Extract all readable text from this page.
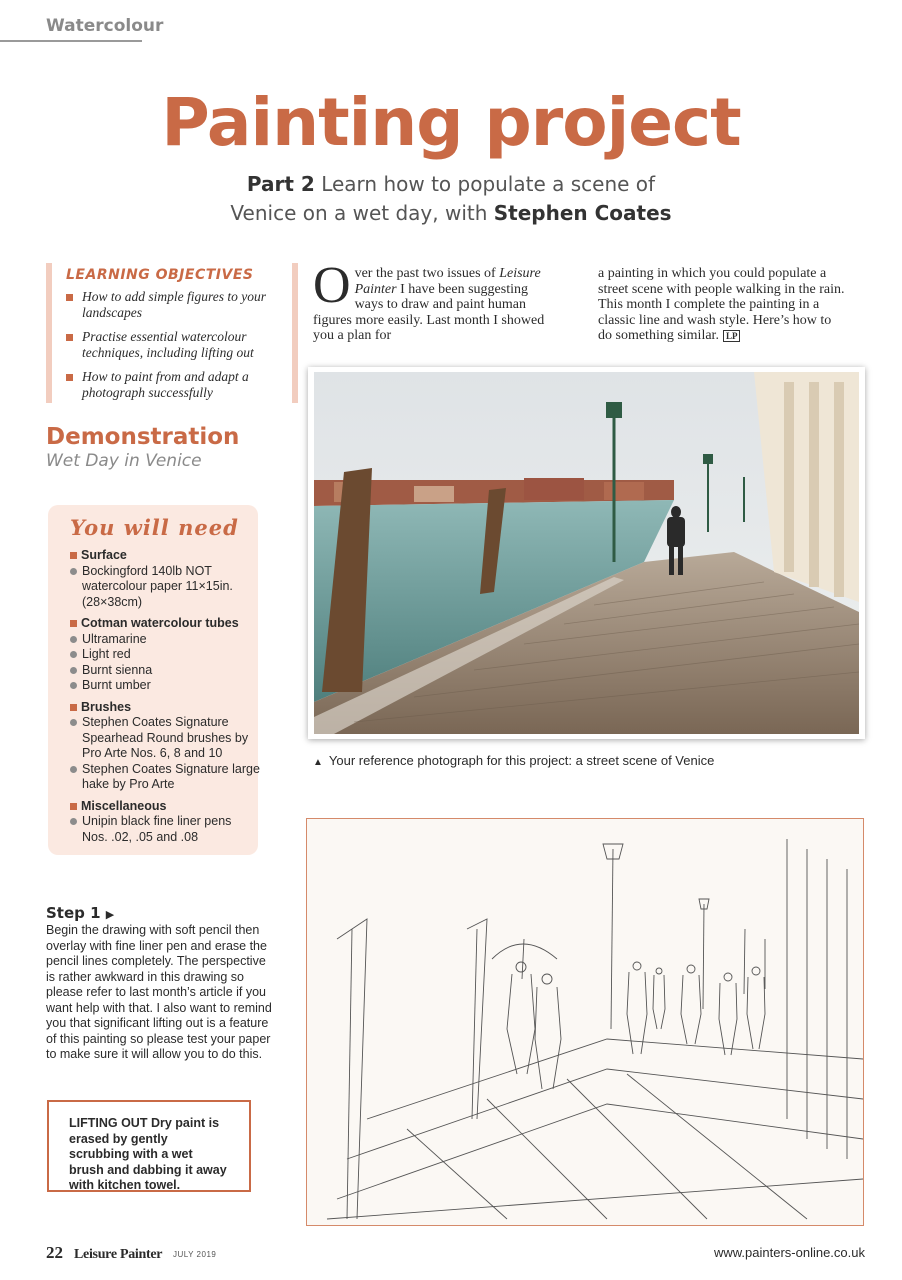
Watercolour
Painting project
Part 2 Learn how to populate a scene of
Venice on a wet day, with Stephen Coates
LEARNING OBJECTIVES
How to add simple figures to your landscapes
Practise essential watercolour techniques, including lifting out
How to paint from and adapt a photograph successfully
Demonstration
Wet Day in Venice
You will need
Surface
Bockingford 140lb NOT watercolour paper 11×15in. (28×38cm)
Cotman watercolour tubes
Ultramarine
Light red
Burnt sienna
Burnt umber
Brushes
Stephen Coates Signature Spearhead Round brushes by Pro Arte Nos. 6, 8 and 10
Stephen Coates Signature large hake by Pro Arte
Miscellaneous
Unipin black fine liner pens Nos. .02, .05 and .08
Over the past two issues of Leisure Painter I have been suggesting ways to draw and paint human figures more easily. Last month I showed you a plan for
a painting in which you could populate a street scene with people walking in the rain. This month I complete the painting in a classic line and wash style. Here’s how to do something similar. LP
▲ Your reference photograph for this project: a street scene of Venice
Step 1 ▶
Begin the drawing with soft pencil then overlay with fine liner pen and erase the pencil lines completely. The perspective is rather awkward in this drawing so please refer to last month’s article if you want help with that. I also want to remind you that significant lifting out is a feature of this painting so please test your paper to make sure it will allow you to do this.
LIFTING OUT Dry paint is erased by gently scrubbing with a wet brush and dabbing it away with kitchen towel.
22 Leisure Painter JULY 2019	www.painters-online.co.uk
